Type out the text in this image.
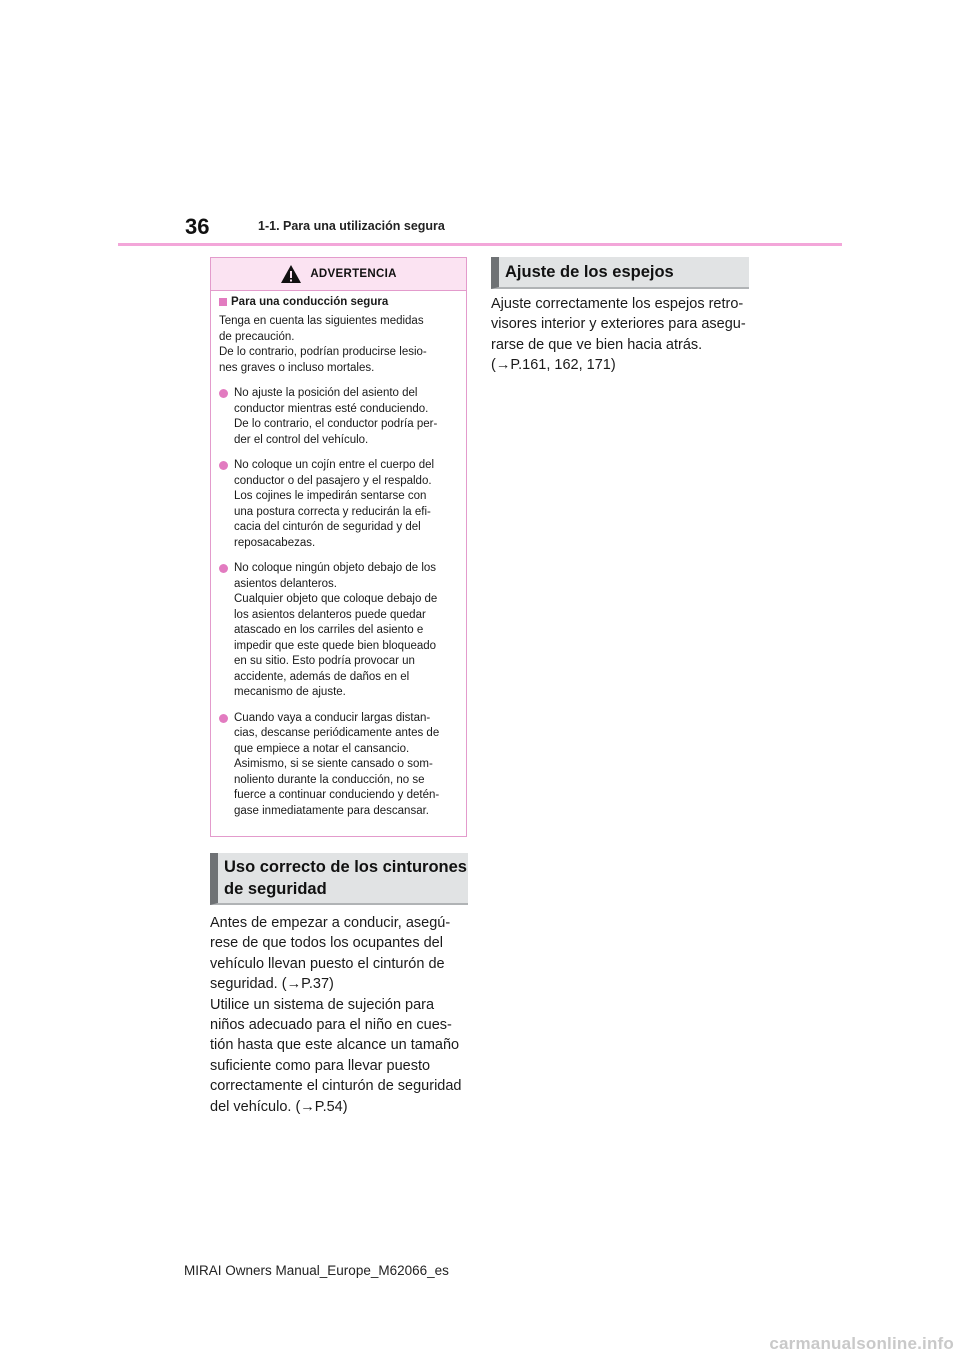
36	1-1. Para una utilización segura
ADVERTENCIA
Para una conducción segura
Tenga en cuenta las siguientes medidas
de precaución.
De lo contrario, podrían producirse lesio-
nes graves o incluso mortales.
No ajuste la posición del asiento del
conductor mientras esté conduciendo.
De lo contrario, el conductor podría per-
der el control del vehículo.
No coloque un cojín entre el cuerpo del
conductor o del pasajero y el respaldo.
Los cojines le impedirán sentarse con
una postura correcta y reducirán la efi-
cacia del cinturón de seguridad y del
reposacabezas.
No coloque ningún objeto debajo de los
asientos delanteros.
Cualquier objeto que coloque debajo de
los asientos delanteros puede quedar
atascado en los carriles del asiento e
impedir que este quede bien bloqueado
en su sitio. Esto podría provocar un
accidente, además de daños en el
mecanismo de ajuste.
Cuando vaya a conducir largas distan-
cias, descanse periódicamente antes de
que empiece a notar el cansancio.
Asimismo, si se siente cansado o som-
noliento durante la conducción, no se
fuerce a continuar conduciendo y detén-
gase inmediatamente para descansar.
Uso correcto de los cinturones
de seguridad
Antes de empezar a conducir, asegú-
rese de que todos los ocupantes del
vehículo llevan puesto el cinturón de
seguridad. (→P.37)
Utilice un sistema de sujeción para
niños adecuado para el niño en cues-
tión hasta que este alcance un tamaño
suficiente como para llevar puesto
correctamente el cinturón de seguridad
del vehículo. (→P.54)
Ajuste de los espejos
Ajuste correctamente los espejos retro-
visores interior y exteriores para asegu-
rarse de que ve bien hacia atrás.
(→P.161, 162, 171)
MIRAI Owners Manual_Europe_M62066_es
carmanualsonline.info
